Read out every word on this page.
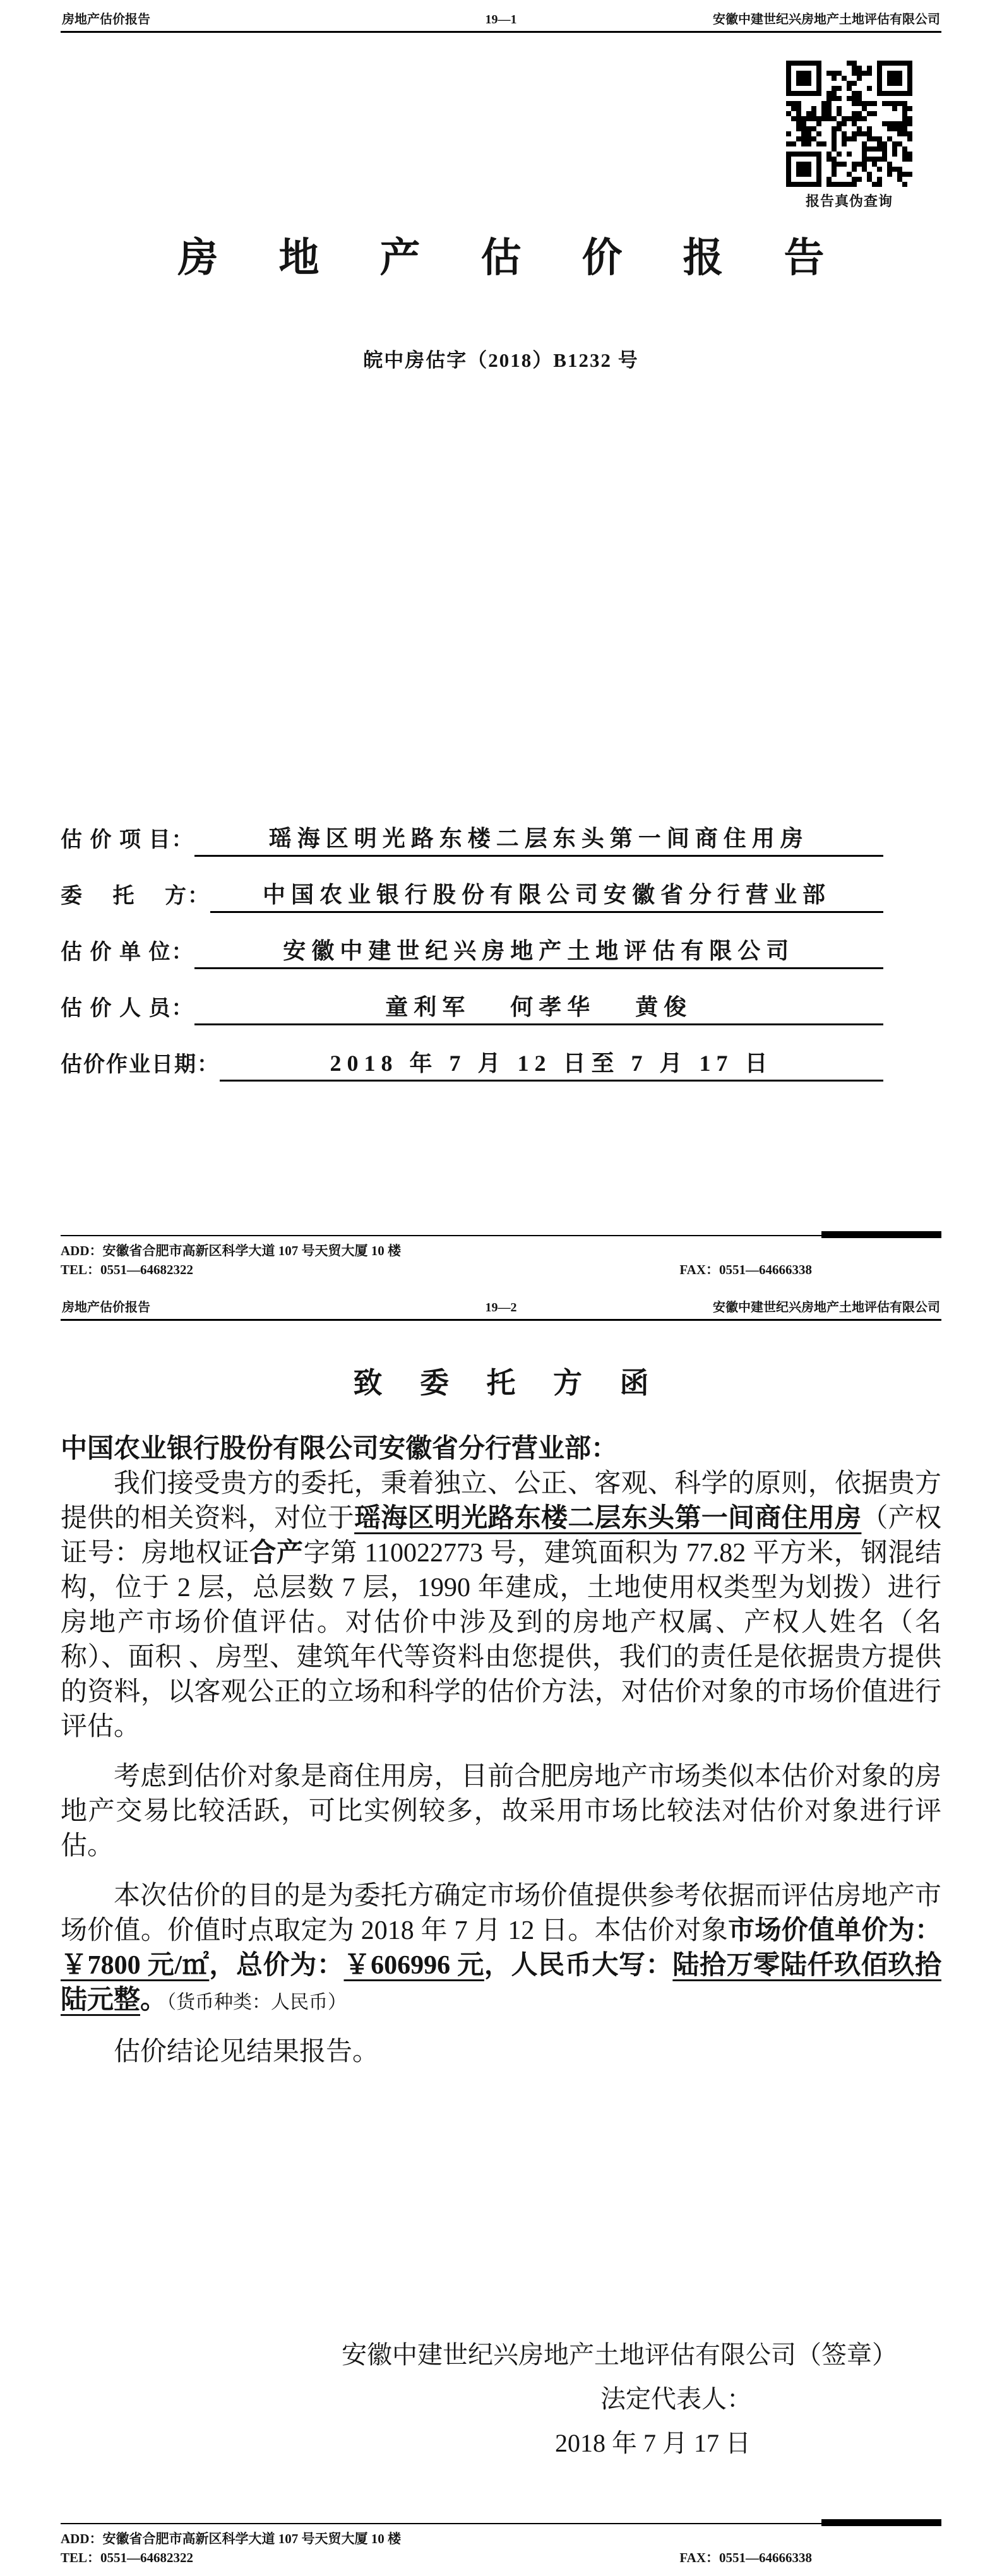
房地产估价报告	19—1	安徽中建世纪兴房地产土地评估有限公司
报告真伪查询
房 地 产 估 价 报 告
皖中房估字（2018）B1232 号
估 价 项 目：	瑶海区明光路东楼二层东头第一间商住用房
委　 托　 方：	中国农业银行股份有限公司安徽省分行营业部
估 价 单 位：	安徽中建世纪兴房地产土地评估有限公司
估 价 人 员：	童利军　 何孝华　 黄俊
估价作业日期：	2018 年 7 月 12 日至 7 月 17 日
ADD：安徽省合肥市高新区科学大道 107 号天贸大厦 10 楼
TEL：0551—64682322	FAX：0551—64666338
房地产估价报告	19—2	安徽中建世纪兴房地产土地评估有限公司
致 委 托 方 函

中国农业银行股份有限公司安徽省分行营业部：

我们接受贵方的委托，秉着独立、公正、客观、科学的原则，依据贵方提供的相关资料，对位于瑶海区明光路东楼二层东头第一间商住用房（产权证号：房地权证合产字第 110022773 号，建筑面积为 77.82 平方米，钢混结构，位于 2 层，总层数 7 层，1990 年建成，土地使用权类型为划拨）进行房地产市场价值评估。对估价中涉及到的房地产权属、产权人姓名（名称）、面积 、房型、建筑年代等资料由您提供，我们的责任是依据贵方提供的资料，以客观公正的立场和科学的估价方法，对估价对象的市场价值进行评估。

考虑到估价对象是商住用房，目前合肥房地产市场类似本估价对象的房地产交易比较活跃，可比实例较多，故采用市场比较法对估价对象进行评估。

本次估价的目的是为委托方确定市场价值提供参考依据而评估房地产市场价值。价值时点取定为 2018 年 7 月 12 日。本估价对象市场价值单价为：￥7800 元/㎡，总价为：￥606996 元，人民币大写：陆拾万零陆仟玖佰玖拾陆元整。（货币种类：人民币）

估价结论见结果报告。

安徽中建世纪兴房地产土地评估有限公司（签章）
法定代表人：
2018 年 7 月 17 日
ADD：安徽省合肥市高新区科学大道 107 号天贸大厦 10 楼
TEL：0551—64682322	FAX：0551—64666338
